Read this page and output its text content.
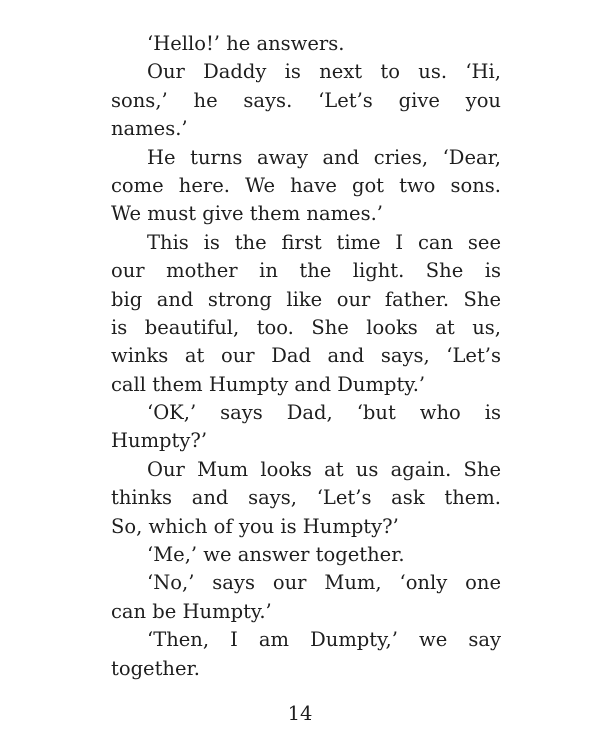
‘Hello!’ he answers.
Our Daddy is next to us. ‘Hi,
sons,’ he says. ‘Let’s give you
names.’
He turns away and cries, ‘Dear,
come here. We have got two sons.
We must give them names.’
This is the first time I can see
our mother in the light. She is
big and strong like our father. She
is beautiful, too. She looks at us,
winks at our Dad and says, ‘Let’s
call them Humpty and Dumpty.’
‘OK,’ says Dad, ‘but who is
Humpty?’
Our Mum looks at us again. She
thinks and says, ‘Let’s ask them.
So, which of you is Humpty?’
‘Me,’ we answer together.
‘No,’ says our Mum, ‘only one
can be Humpty.’
‘Then, I am Dumpty,’ we say
together.
14
